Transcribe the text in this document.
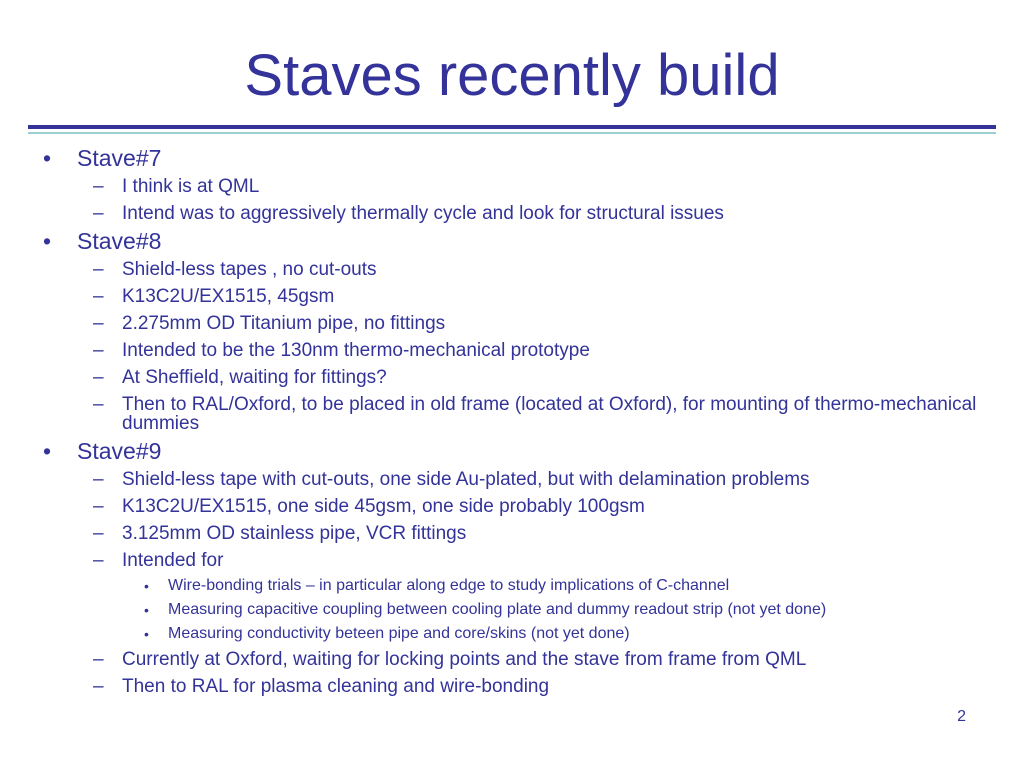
Staves recently build
• Stave#7
– I think is at QML
– Intend was to aggressively thermally cycle and look for structural issues
• Stave#8
– Shield-less tapes , no cut-outs
– K13C2U/EX1515, 45gsm
– 2.275mm OD Titanium pipe, no fittings
– Intended to be the 130nm thermo-mechanical prototype
– At Sheffield, waiting for fittings?
– Then to RAL/Oxford, to be placed in old frame (located at Oxford), for mounting of thermo-mechanical dummies
• Stave#9
– Shield-less tape with cut-outs, one side Au-plated, but with delamination problems
– K13C2U/EX1515, one side 45gsm, one side probably 100gsm
– 3.125mm OD stainless pipe, VCR fittings
– Intended for
• Wire-bonding trials – in particular along edge to study implications of C-channel
• Measuring capacitive coupling between cooling plate and dummy readout strip (not yet done)
• Measuring conductivity beteen pipe and core/skins (not yet done)
– Currently at Oxford, waiting for locking points and the stave from frame from QML
– Then to RAL for plasma cleaning and wire-bonding
2
